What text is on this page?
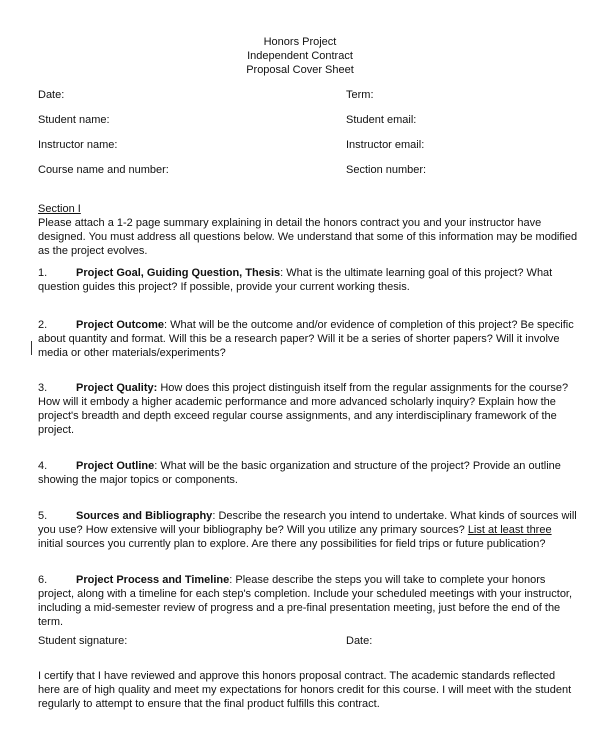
Honors Project
Independent Contract
Proposal Cover Sheet
Date:	Term:
Student name:	Student email:
Instructor name:	Instructor email:
Course name and number:	Section number:
Section I
Please attach a 1-2 page summary explaining in detail the honors contract you and your instructor have designed. You must address all questions below. We understand that some of this information may be modified as the project evolves.
1.	Project Goal, Guiding Question, Thesis: What is the ultimate learning goal of this project? What question guides this project? If possible, provide your current working thesis.
2.	Project Outcome: What will be the outcome and/or evidence of completion of this project? Be specific about quantity and format. Will this be a research paper? Will it be a series of shorter papers? Will it involve media or other materials/experiments?
3.	Project Quality: How does this project distinguish itself from the regular assignments for the course? How will it embody a higher academic performance and more advanced scholarly inquiry? Explain how the project's breadth and depth exceed regular course assignments, and any interdisciplinary framework of the project.
4.	Project Outline: What will be the basic organization and structure of the project? Provide an outline showing the major topics or components.
5.	Sources and Bibliography: Describe the research you intend to undertake. What kinds of sources will you use? How extensive will your bibliography be? Will you utilize any primary sources? List at least three initial sources you currently plan to explore. Are there any possibilities for field trips or future publication?
6.	Project Process and Timeline: Please describe the steps you will take to complete your honors project, along with a timeline for each step's completion. Include your scheduled meetings with your instructor, including a mid-semester review of progress and a pre-final presentation meeting, just before the end of the term.
Student signature:	Date:
I certify that I have reviewed and approve this honors proposal contract. The academic standards reflected here are of high quality and meet my expectations for honors credit for this course. I will meet with the student regularly to attempt to ensure that the final product fulfills this contract.
